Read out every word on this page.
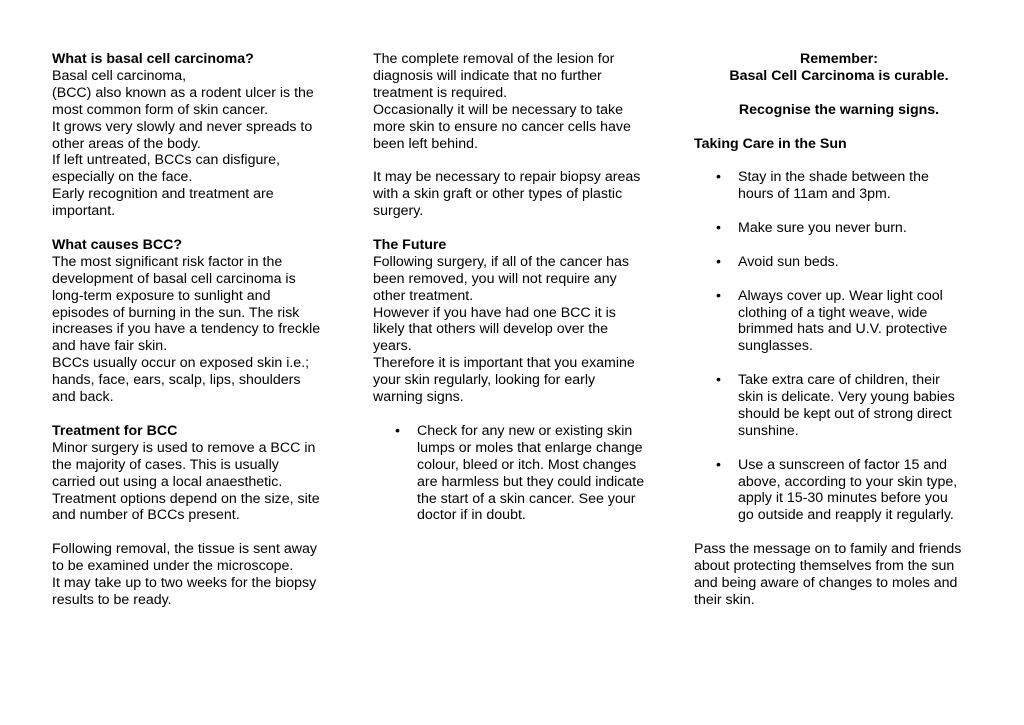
What is basal cell carcinoma?
Basal cell carcinoma,
(BCC) also known as a rodent ulcer is the
most common form of skin cancer.
It grows very slowly and never spreads to
other areas of the body.
If left untreated, BCCs can disfigure,
especially on the face.
Early recognition and treatment are
important.
What causes BCC?
The most significant risk factor in the
development of basal cell carcinoma is
long-term exposure to sunlight and
episodes of burning in the sun. The risk
increases if you have a tendency to freckle
and have fair skin.
BCCs usually occur on exposed skin i.e.;
hands, face, ears, scalp, lips, shoulders
and back.
Treatment for BCC
Minor surgery is used to remove a BCC in
the majority of cases. This is usually
carried out using a local anaesthetic.
Treatment options depend on the size, site
and number of BCCs present.
Following removal, the tissue is sent away
to be examined under the microscope.
It may take up to two weeks for the biopsy
results to be ready.
The complete removal of the lesion for
diagnosis will indicate that no further
treatment is required.
Occasionally it will be necessary to take
more skin to ensure no cancer cells have
been left behind.
It may be necessary to repair biopsy areas
with a skin graft or other types of plastic
surgery.
The Future
Following surgery, if all of the cancer has
been removed, you will not require any
other treatment.
However if you have had one BCC it is
likely that others will develop over the
years.
Therefore it is important that you examine
your skin regularly, looking for early
warning signs.
• Check for any new or existing skin
lumps or moles that enlarge change
colour, bleed or itch. Most changes
are harmless but they could indicate
the start of a skin cancer. See your
doctor if in doubt.
Remember:
Basal Cell Carcinoma is curable.
Recognise the warning signs.
Taking Care in the Sun
• Stay in the shade between the
hours of 11am and 3pm.
• Make sure you never burn.
• Avoid sun beds.
• Always cover up. Wear light cool
clothing of a tight weave, wide
brimmed hats and U.V. protective
sunglasses.
• Take extra care of children, their
skin is delicate. Very young babies
should be kept out of strong direct
sunshine.
• Use a sunscreen of factor 15 and
above, according to your skin type,
apply it 15-30 minutes before you
go outside and reapply it regularly.
Pass the message on to family and friends
about protecting themselves from the sun
and being aware of changes to moles and
their skin.
